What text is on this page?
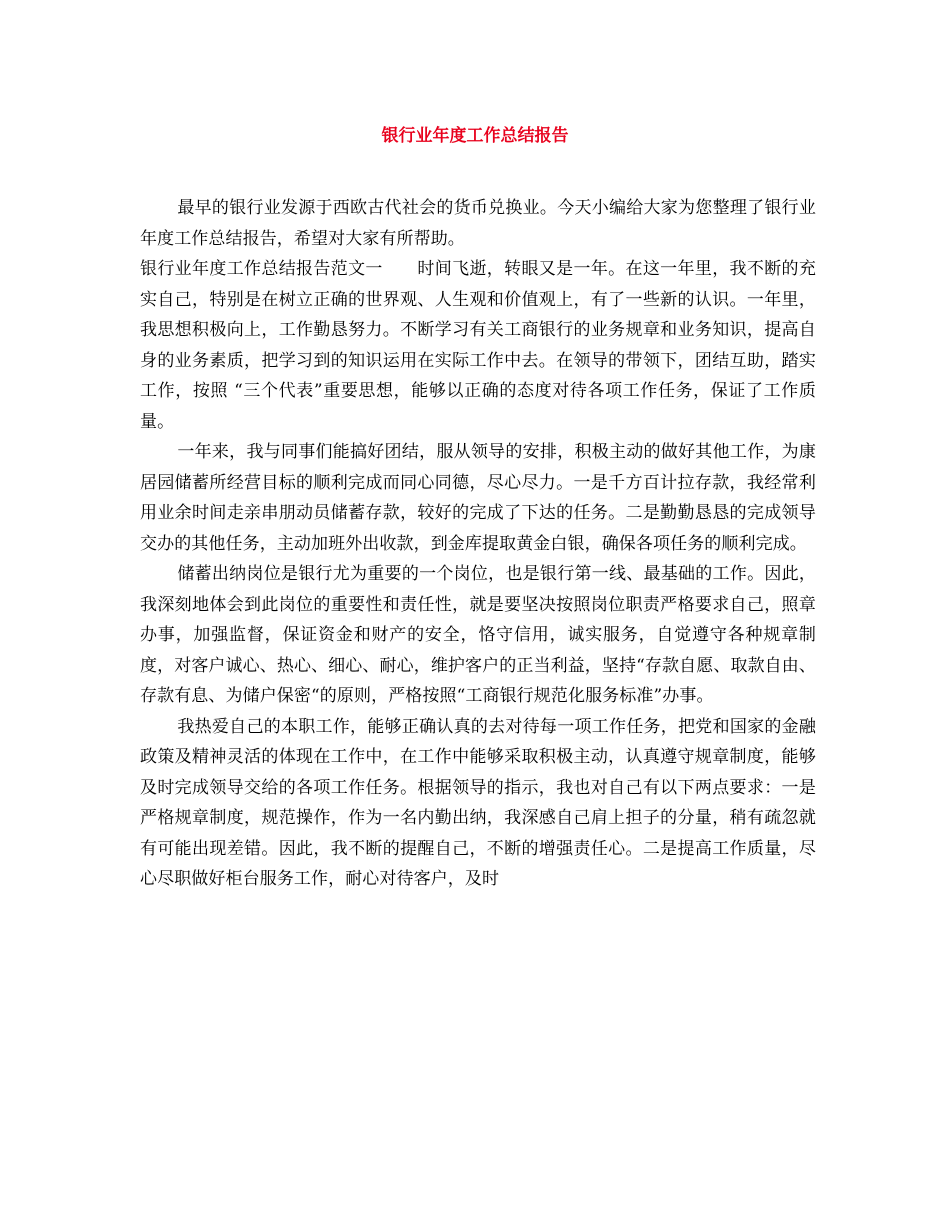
银行业年度工作总结报告

最早的银行业发源于西欧古代社会的货币兑换业。今天小编给大家为您整理了银行业年度工作总结报告，希望对大家有所帮助。

银行业年度工作总结报告范文一　　时间飞逝，转眼又是一年。在这一年里，我不断的充实自己，特别是在树立正确的世界观、人生观和价值观上，有了一些新的认识。一年里，我思想积极向上，工作勤恳努力。不断学习有关工商银行的业务规章和业务知识，提高自身的业务素质，把学习到的知识运用在实际工作中去。在领导的带领下，团结互助，踏实工作，按照 “三个代表”重要思想，能够以正确的态度对待各项工作任务，保证了工作质量。

一年来，我与同事们能搞好团结，服从领导的安排，积极主动的做好其他工作，为康居园储蓄所经营目标的顺利完成而同心同德，尽心尽力。一是千方百计拉存款，我经常利用业余时间走亲串朋动员储蓄存款，较好的完成了下达的任务。二是勤勤恳恳的完成领导交办的其他任务，主动加班外出收款，到金库提取黄金白银，确保各项任务的顺利完成。

储蓄出纳岗位是银行尤为重要的一个岗位，也是银行第一线、最基础的工作。因此，我深刻地体会到此岗位的重要性和责任性，就是要坚决按照岗位职责严格要求自己，照章办事，加强监督，保证资金和财产的安全，恪守信用，诚实服务，自觉遵守各种规章制度，对客户诚心、热心、细心、耐心，维护客户的正当利益，坚持“存款自愿、取款自由、存款有息、为储户保密“的原则，严格按照“工商银行规范化服务标准”办事。

我热爱自己的本职工作，能够正确认真的去对待每一项工作任务，把党和国家的金融政策及精神灵活的体现在工作中，在工作中能够采取积极主动，认真遵守规章制度，能够及时完成领导交给的各项工作任务。根据领导的指示，我也对自己有以下两点要求：一是严格规章制度，规范操作，作为一名内勤出纳，我深感自己肩上担子的分量，稍有疏忽就有可能出现差错。因此，我不断的提醒自己，不断的增强责任心。二是提高工作质量，尽心尽职做好柜台服务工作，耐心对待客户，及时
